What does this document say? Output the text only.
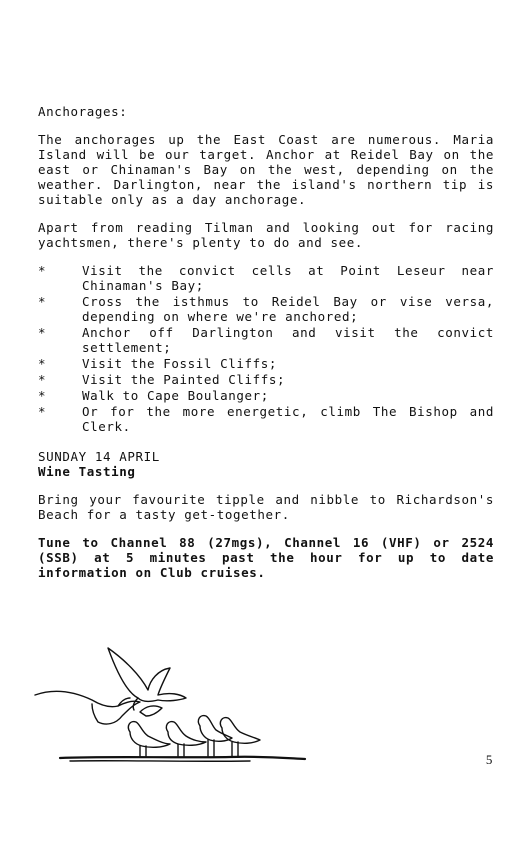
Anchorages:

The anchorages up the East Coast are numerous. Maria Island will be our target. Anchor at Reidel Bay on the east or Chinaman's Bay on the west, depending on the weather. Darlington, near the island's northern tip is suitable only as a day anchorage.

Apart from reading Tilman and looking out for racing yachtsmen, there's plenty to do and see.

*	Visit the convict cells at Point Leseur near Chinaman's Bay;
*	Cross the isthmus to Reidel Bay or vise versa, depending on where we're anchored;
*	Anchor off Darlington and visit the convict settlement;
*	Visit the Fossil Cliffs;
*	Visit the Painted Cliffs;
*	Walk to Cape Boulanger;
*	Or for the more energetic, climb The Bishop and Clerk.
SUNDAY 14 APRIL
Wine Tasting

Bring your favourite tipple and nibble to Richardson's Beach for a tasty get-together.

Tune to Channel 88 (27mgs), Channel 16 (VHF) or 2524 (SSB) at 5 minutes past the hour for up to date information on Club cruises.

5
